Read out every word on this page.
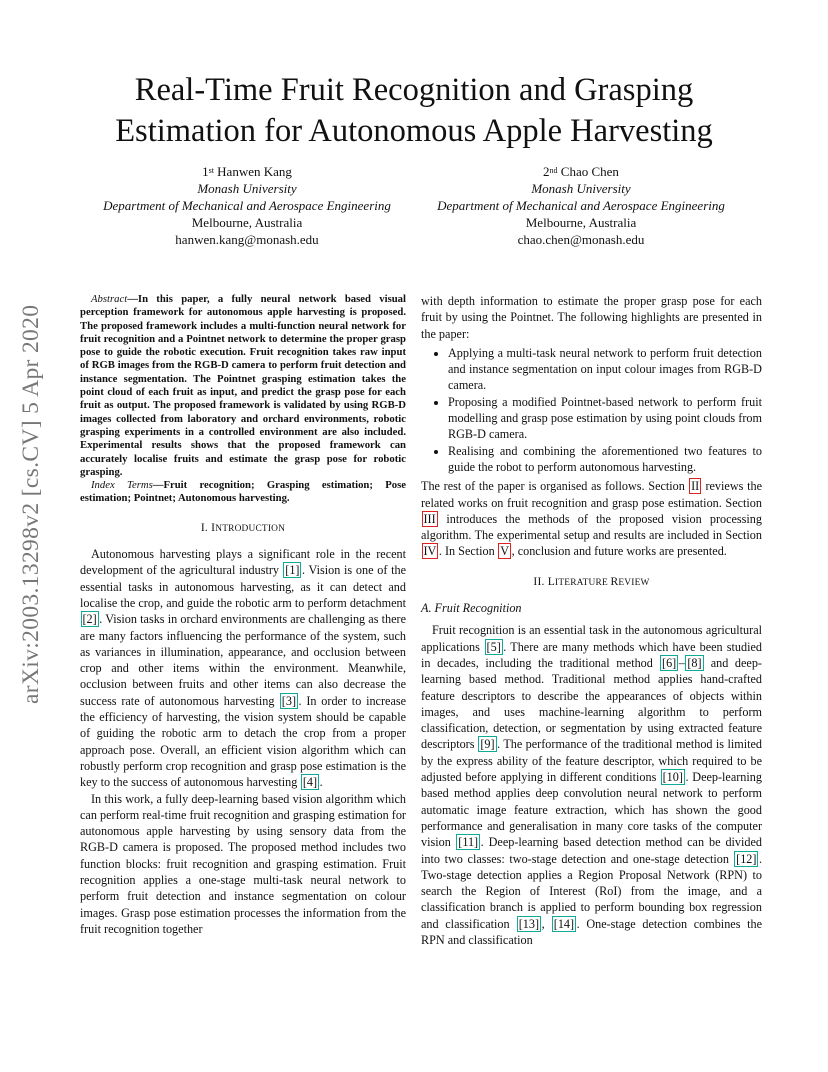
Real-Time Fruit Recognition and Grasping
Estimation for Autonomous Apple Harvesting
1st Hanwen Kang
Monash University
Department of Mechanical and Aerospace Engineering
Melbourne, Australia
hanwen.kang@monash.edu
2nd Chao Chen
Monash University
Department of Mechanical and Aerospace Engineering
Melbourne, Australia
chao.chen@monash.edu
arXiv:2003.13298v2 [cs.CV] 5 Apr 2020

Abstract—In this paper, a fully neural network based visual perception framework for autonomous apple harvesting is proposed. The proposed framework includes a multi-function neural network for fruit recognition and a Pointnet network to determine the proper grasp pose to guide the robotic execution. Fruit recognition takes raw input of RGB images from the RGB-D camera to perform fruit detection and instance segmentation. The Pointnet grasping estimation takes the point cloud of each fruit as input, and predict the grasp pose for each fruit as output. The proposed framework is validated by using RGB-D images collected from laboratory and orchard environments, robotic grasping experiments in a controlled environment are also included. Experimental results shows that the proposed framework can accurately localise fruits and estimate the grasp pose for robotic grasping.

Index Terms—Fruit recognition; Grasping estimation; Pose estimation; Pointnet; Autonomous harvesting.

I. INTRODUCTION

Autonomous harvesting plays a significant role in the recent development of the agricultural industry [1] . Vision is one of the essential tasks in autonomous harvesting, as it can detect and localise the crop, and guide the robotic arm to perform detachment [2] . Vision tasks in orchard environments are challenging as there are many factors influencing the performance of the system, such as variances in illumination, appearance, and occlusion between crop and other items within the environment. Meanwhile, occlusion between fruits and other items can also decrease the success rate of autonomous harvesting [3] . In order to increase the efficiency of harvesting, the vision system should be capable of guiding the robotic arm to detach the crop from a proper approach pose. Overall, an efficient vision algorithm which can robustly perform crop recognition and grasp pose estimation is the key to the success of autonomous harvesting [4] .

In this work, a fully deep-learning based vision algorithm which can perform real-time fruit recognition and grasping estimation for autonomous apple harvesting by using sensory data from the RGB-D camera is proposed. The proposed method includes two function blocks: fruit recognition and grasping estimation. Fruit recognition applies a one-stage multi-task neural network to perform fruit detection and instance segmentation on colour images. Grasp pose estimation processes the information from the fruit recognition together

with depth information to estimate the proper grasp pose for each fruit by using the Pointnet. The following highlights are presented in the paper:

• Applying a multi-task neural network to perform fruit detection and instance segmentation on input colour images from RGB-D camera.
• Proposing a modified Pointnet-based network to perform fruit modelling and grasp pose estimation by using point clouds from RGB-D camera.
• Realising and combining the aforementioned two features to guide the robot to perform autonomous harvesting.

The rest of the paper is organised as follows. Section II reviews the related works on fruit recognition and grasp pose estimation. Section III introduces the methods of the proposed vision processing algorithm. The experimental setup and results are included in Section IV . In Section V , conclusion and future works are presented.

II. LITERATURE REVIEW
A. Fruit Recognition

Fruit recognition is an essential task in the autonomous agricultural applications [5] . There are many methods which have been studied in decades, including the traditional method [6] – [8] and deep-learning based method. Traditional method applies hand-crafted feature descriptors to describe the appearances of objects within images, and uses machine-learning algorithm to perform classification, detection, or segmentation by using extracted feature descriptors [9] . The performance of the traditional method is limited by the express ability of the feature descriptor, which required to be adjusted before applying in different conditions [10] . Deep-learning based method applies deep convolution neural network to perform automatic image feature extraction, which has shown the good performance and generalisation in many core tasks of the computer vision [11] . Deep-learning based detection method can be divided into two classes: two-stage detection and one-stage detection [12] . Two-stage detection applies a Region Proposal Network (RPN) to search the Region of Interest (RoI) from the image, and a classification branch is applied to perform bounding box regression and classification [13] , [14] . One-stage detection combines the RPN and classification
